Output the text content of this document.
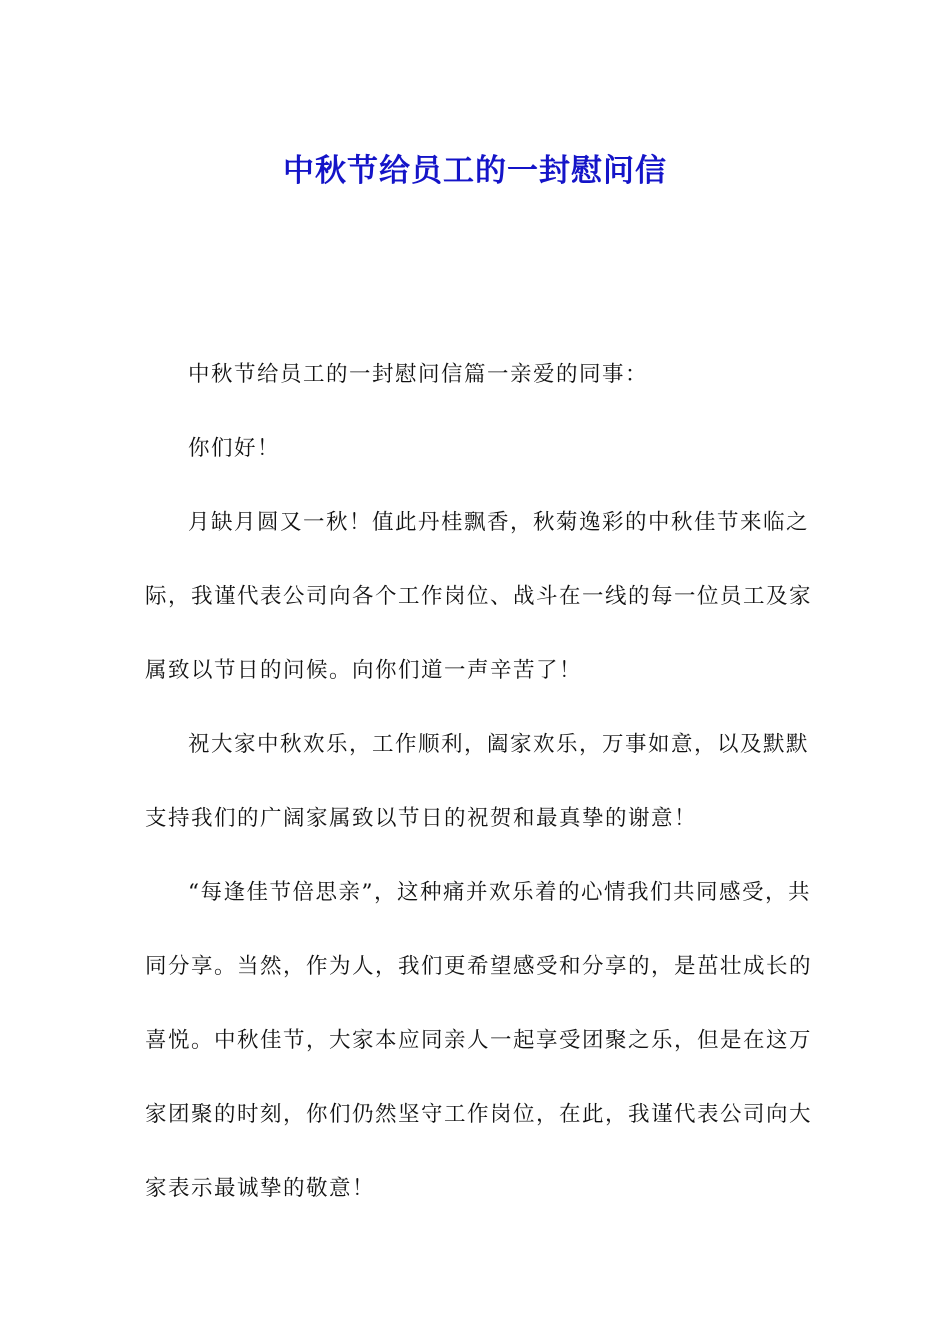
中秋节给员工的一封慰问信

中秋节给员工的一封慰问信篇一亲爱的同事：

你们好！

月缺月圆又一秋！值此丹桂飘香，秋菊逸彩的中秋佳节来临之际，我谨代表公司向各个工作岗位、战斗在一线的每一位员工及家属致以节日的问候。向你们道一声辛苦了！

祝大家中秋欢乐，工作顺利，阖家欢乐，万事如意，以及默默支持我们的广阔家属致以节日的祝贺和最真挚的谢意！

“每逢佳节倍思亲”，这种痛并欢乐着的心情我们共同感受，共同分享。当然，作为人，我们更希望感受和分享的，是茁壮成长的喜悦。中秋佳节，大家本应同亲人一起享受团聚之乐，但是在这万家团聚的时刻，你们仍然坚守工作岗位，在此，我谨代表公司向大家表示最诚挚的敬意！
